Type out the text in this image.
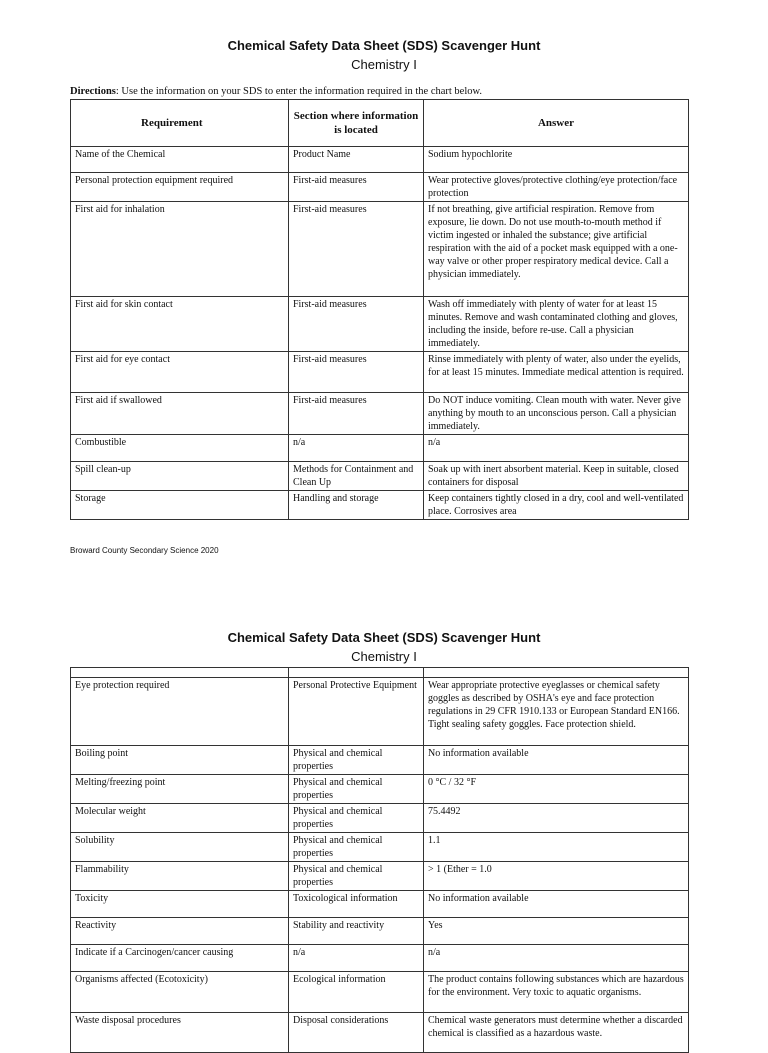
Chemical Safety Data Sheet (SDS) Scavenger Hunt
Chemistry I
Directions: Use the information on your SDS to enter the information required in the chart below.
Requirement	Section where information is located	Answer
Name of the Chemical	Product Name	Sodium hypochlorite
Personal protection equipment required	First-aid measures	Wear protective gloves/protective clothing/eye protection/face protection
First aid for inhalation	First-aid measures	If not breathing, give artificial respiration. Remove from exposure, lie down. Do not use mouth-to-mouth method if victim ingested or inhaled the substance; give artificial respiration with the aid of a pocket mask equipped with a one-way valve or other proper respiratory medical device. Call a physician immediately.
First aid for skin contact	First-aid measures	Wash off immediately with plenty of water for at least 15 minutes. Remove and wash contaminated clothing and gloves, including the inside, before re-use. Call a physician immediately.
First aid for eye contact	First-aid measures	Rinse immediately with plenty of water, also under the eyelids, for at least 15 minutes. Immediate medical attention is required.
First aid if swallowed	First-aid measures	Do NOT induce vomiting. Clean mouth with water. Never give anything by mouth to an unconscious person. Call a physician immediately.
Combustible	n/a	n/a
Spill clean-up	Methods for Containment and Clean Up	Soak up with inert absorbent material. Keep in suitable, closed containers for disposal
Storage	Handling and storage	Keep containers tightly closed in a dry, cool and well-ventilated place. Corrosives area
Broward County Secondary Science 2020
Chemical Safety Data Sheet (SDS) Scavenger Hunt
Chemistry I

Eye protection required	Personal Protective Equipment	Wear appropriate protective eyeglasses or chemical safety goggles as described by OSHA's eye and face protection regulations in 29 CFR 1910.133 or European Standard EN166. Tight sealing safety goggles. Face protection shield.
Boiling point	Physical and chemical properties	No information available
Melting/freezing point	Physical and chemical properties	0 °C / 32 °F
Molecular weight	Physical and chemical properties	75.4492
Solubility	Physical and chemical properties	1.1
Flammability	Physical and chemical properties	> 1 (Ether = 1.0
Toxicity	Toxicological information	No information available
Reactivity	Stability and reactivity	Yes
Indicate if a Carcinogen/cancer causing	n/a	n/a
Organisms affected (Ecotoxicity)	Ecological information	The product contains following substances which are hazardous for the environment. Very toxic to aquatic organisms.
Waste disposal procedures	Disposal considerations	Chemical waste generators must determine whether a discarded chemical is classified as a hazardous waste.
